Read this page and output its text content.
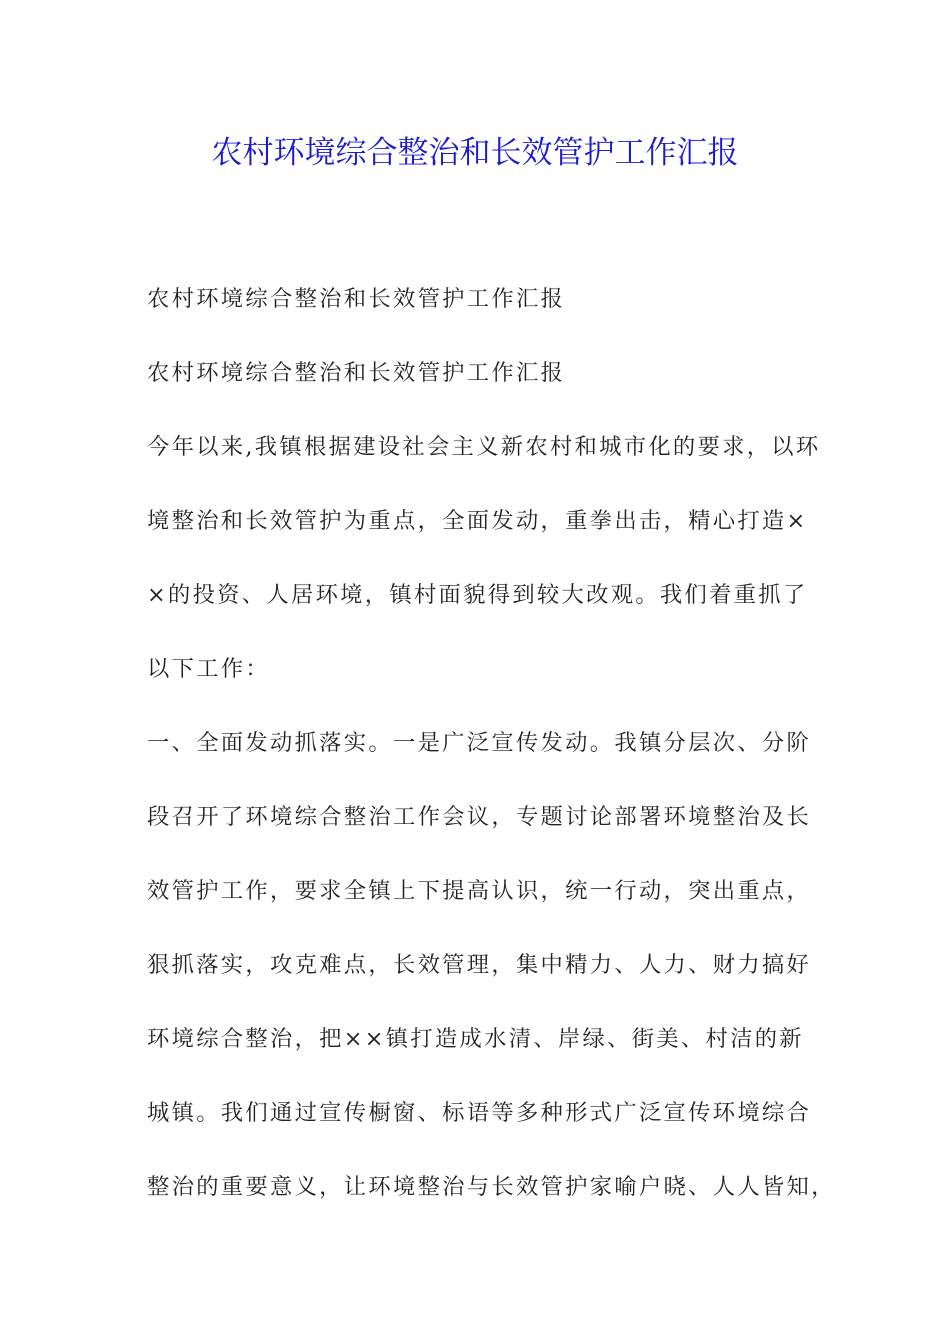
农村环境综合整治和长效管护工作汇报
农村环境综合整治和长效管护工作汇报
农村环境综合整治和长效管护工作汇报
今年以来,我镇根据建设社会主义新农村和城市化的要求，以环
境整治和长效管护为重点，全面发动，重拳出击，精心打造×
×的投资、人居环境，镇村面貌得到较大改观。我们着重抓了
以下工作：
一、全面发动抓落实。一是广泛宣传发动。我镇分层次、分阶
段召开了环境综合整治工作会议，专题讨论部署环境整治及长
效管护工作，要求全镇上下提高认识，统一行动，突出重点，
狠抓落实，攻克难点，长效管理，集中精力、人力、财力搞好
环境综合整治，把××镇打造成水清、岸绿、街美、村洁的新
城镇。我们通过宣传橱窗、标语等多种形式广泛宣传环境综合
整治的重要意义，让环境整治与长效管护家喻户晓、人人皆知，
